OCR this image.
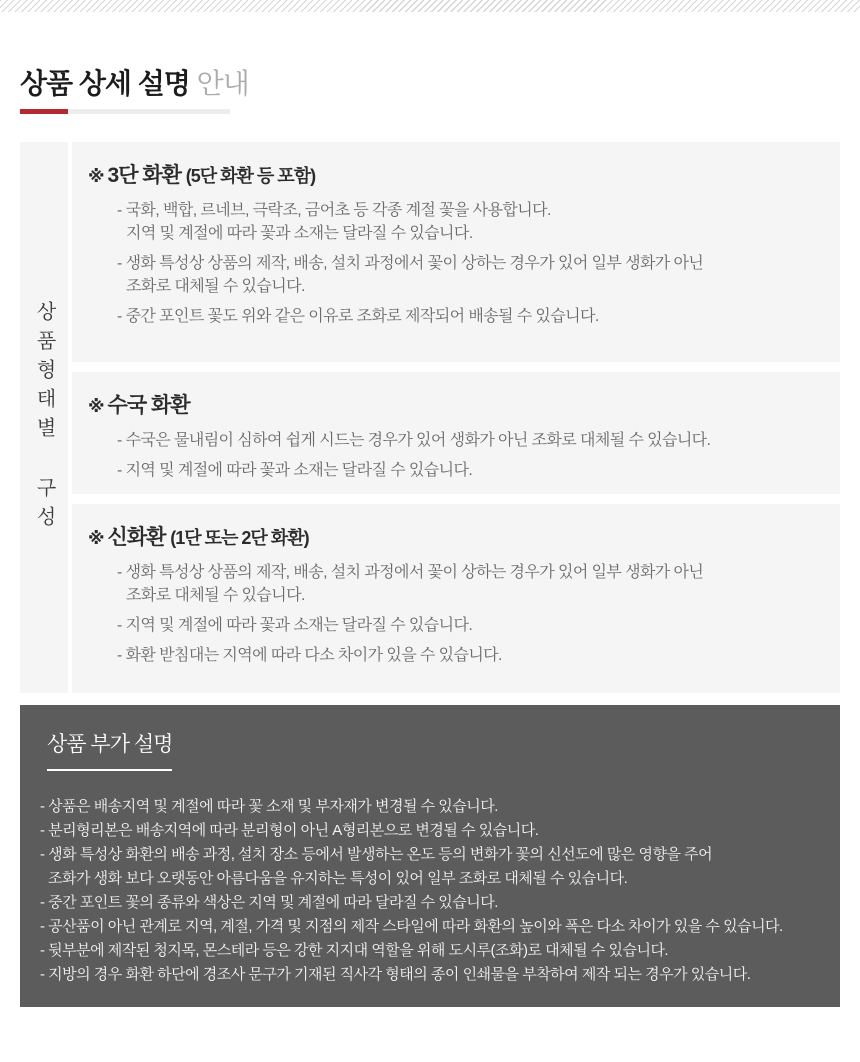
상품 상세 설명 안내
상품형태별 구성
※ 3단 화환 (5단 화환 등 포함)
- 국화, 백합, 르네브, 극락조, 금어초 등 각종 계절 꽃을 사용합니다.
지역 및 계절에 따라 꽃과 소재는 달라질 수 있습니다.
- 생화 특성상 상품의 제작, 배송, 설치 과정에서 꽃이 상하는 경우가 있어 일부 생화가 아닌
조화로 대체될 수 있습니다.
- 중간 포인트 꽃도 위와 같은 이유로 조화로 제작되어 배송될 수 있습니다.
※ 수국 화환
- 수국은 물내림이 심하여 쉽게 시드는 경우가 있어 생화가 아닌 조화로 대체될 수 있습니다.
- 지역 및 계절에 따라 꽃과 소재는 달라질 수 있습니다.
※ 신화환 (1단 또는 2단 화환)
- 생화 특성상 상품의 제작, 배송, 설치 과정에서 꽃이 상하는 경우가 있어 일부 생화가 아닌
조화로 대체될 수 있습니다.
- 지역 및 계절에 따라 꽃과 소재는 달라질 수 있습니다.
- 화환 받침대는 지역에 따라 다소 차이가 있을 수 있습니다.
상품 부가 설명
- 상품은 배송지역 및 계절에 따라 꽃 소재 및 부자재가 변경될 수 있습니다.
- 분리형리본은 배송지역에 따라 분리형이 아닌 A형리본으로 변경될 수 있습니다.
- 생화 특성상 화환의 배송 과정, 설치 장소 등에서 발생하는 온도 등의 변화가 꽃의 신선도에 많은 영향을 주어
조화가 생화 보다 오랫동안 아름다움을 유지하는 특성이 있어 일부 조화로 대체될 수 있습니다.
- 중간 포인트 꽃의 종류와 색상은 지역 및 계절에 따라 달라질 수 있습니다.
- 공산품이 아닌 관계로 지역, 계절, 가격 및 지점의 제작 스타일에 따라 화환의 높이와 폭은 다소 차이가 있을 수 있습니다.
- 뒷부분에 제작된 청지목, 몬스테라 등은 강한 지지대 역할을 위해 도시루(조화)로 대체될 수 있습니다.
- 지방의 경우 화환 하단에 경조사 문구가 기재된 직사각 형태의 종이 인쇄물을 부착하여 제작 되는 경우가 있습니다.
